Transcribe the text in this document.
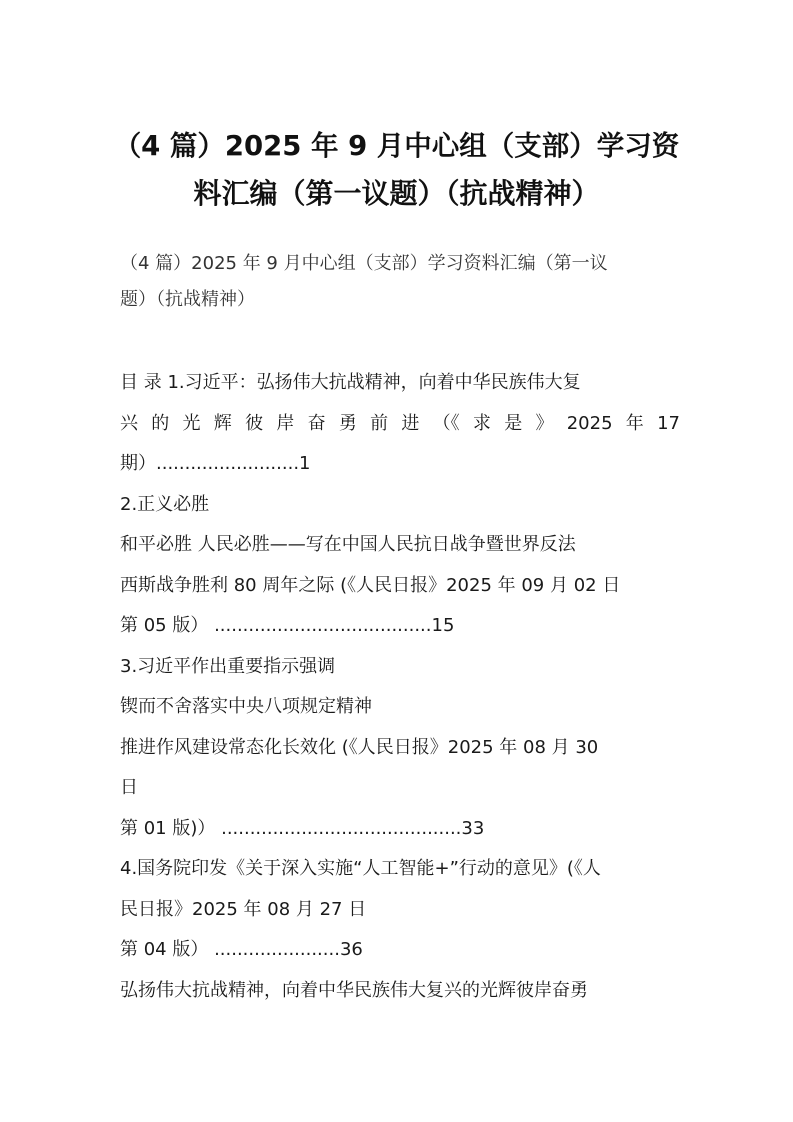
（4 篇）2025 年 9 月中心组（支部）学习资
料汇编（第一议题）（抗战精神）
（4 篇）2025 年 9 月中心组（支部）学习资料汇编（第一议
题）（抗战精神）
目 录 1.习近平：弘扬伟大抗战精神，向着中华民族伟大复
兴 的 光 辉 彼 岸 奋 勇 前 进 （《 求 是 》 2025 年 17
期）.........................1
2.正义必胜
和平必胜 人民必胜——写在中国人民抗日战争暨世界反法
西斯战争胜利 80 周年之际 (《人民日报》2025 年 09 月 02 日
第 05 版） ......................................15
3.习近平作出重要指示强调
锲而不舍落实中央八项规定精神
推进作风建设常态化长效化 (《人民日报》2025 年 08 月 30
日
第 01 版)） ..........................................33
4.国务院印发《关于深入实施“人工智能+”行动的意见》(《人
民日报》2025 年 08 月 27 日
第 04 版） ......................36
弘扬伟大抗战精神，向着中华民族伟大复兴的光辉彼岸奋勇
